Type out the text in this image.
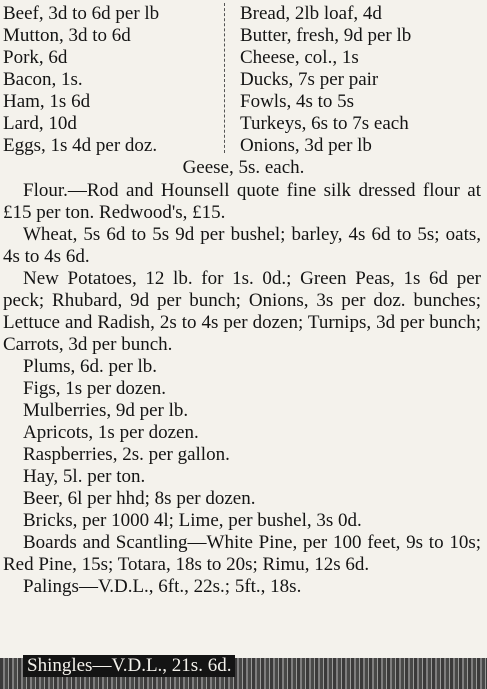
Beef, 3d to 6d per lb	Bread, 2lb loaf, 4d
Mutton, 3d to 6d	Butter, fresh, 9d per lb
Pork, 6d	Cheese, col., 1s
Bacon, 1s.	Ducks, 7s per pair
Ham, 1s 6d	Fowls, 4s to 5s
Lard, 10d	Turkeys, 6s to 7s each
Eggs, 1s 4d per doz.	Onions, 3d per lb
Geese, 5s. each.

Flour.—Rod and Hounsell quote fine silk dressed flour at £15 per ton. Redwood's, £15.

Wheat, 5s 6d to 5s 9d per bushel; barley, 4s 6d to 5s; oats, 4s to 4s 6d.

New Potatoes, 12 lb. for 1s. 0d.; Green Peas, 1s 6d per peck; Rhubard, 9d per bunch; Onions, 3s per doz. bunches; Lettuce and Radish, 2s to 4s per dozen; Turnips, 3d per bunch; Carrots, 3d per bunch.

Plums, 6d. per lb.

Figs, 1s per dozen.

Mulberries, 9d per lb.

Apricots, 1s per dozen.

Raspberries, 2s. per gallon.

Hay, 5l. per ton.

Beer, 6l per hhd; 8s per dozen.

Bricks, per 1000 4l; Lime, per bushel, 3s 0d.

Boards and Scantling—White Pine, per 100 feet, 9s to 10s; Red Pine, 15s; Totara, 18s to 20s; Rimu, 12s 6d.

Palings—V.D.L., 6ft., 22s.; 5ft., 18s.

Shingles—V.D.L., 21s. 6d.
